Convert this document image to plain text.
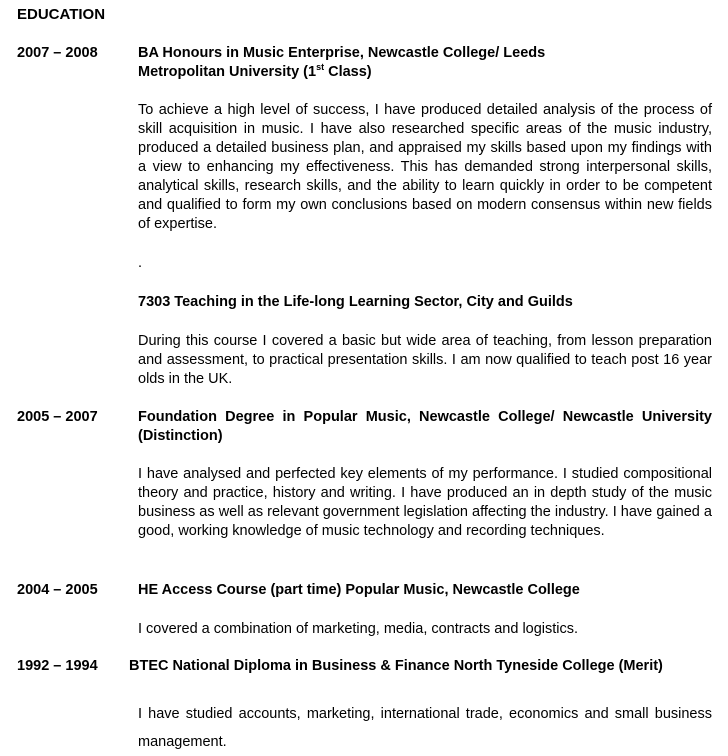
EDUCATION
2007 – 2008	BA Honours in Music Enterprise, Newcastle College/ Leeds
Metropolitan University (1st Class)
To achieve a high level of success, I have produced detailed analysis of the process of skill acquisition in music. I have also researched specific areas of the music industry, produced a detailed business plan, and appraised my skills based upon my findings with a view to enhancing my effectiveness. This has demanded strong interpersonal skills, analytical skills, research skills, and the ability to learn quickly in order to be competent and qualified to form my own conclusions based on modern consensus within new fields of expertise.
.
7303 Teaching in the Life-long Learning Sector, City and Guilds
During this course I covered a basic but wide area of teaching, from lesson preparation and assessment, to practical presentation skills. I am now qualified to teach post 16 year olds in the UK.
2005 – 2007	Foundation Degree in Popular Music, Newcastle College/ Newcastle University (Distinction)
I have analysed and perfected key elements of my performance. I studied compositional theory and practice, history and writing. I have produced an in depth study of the music business as well as relevant government legislation affecting the industry. I have gained a good, working knowledge of music technology and recording techniques.
2004 – 2005	HE Access Course (part time) Popular Music, Newcastle College
I covered a combination of marketing, media, contracts and logistics.
1992 – 1994 BTEC National Diploma in Business & Finance North Tyneside College (Merit)
I have studied accounts, marketing, international trade, economics and small business management.
